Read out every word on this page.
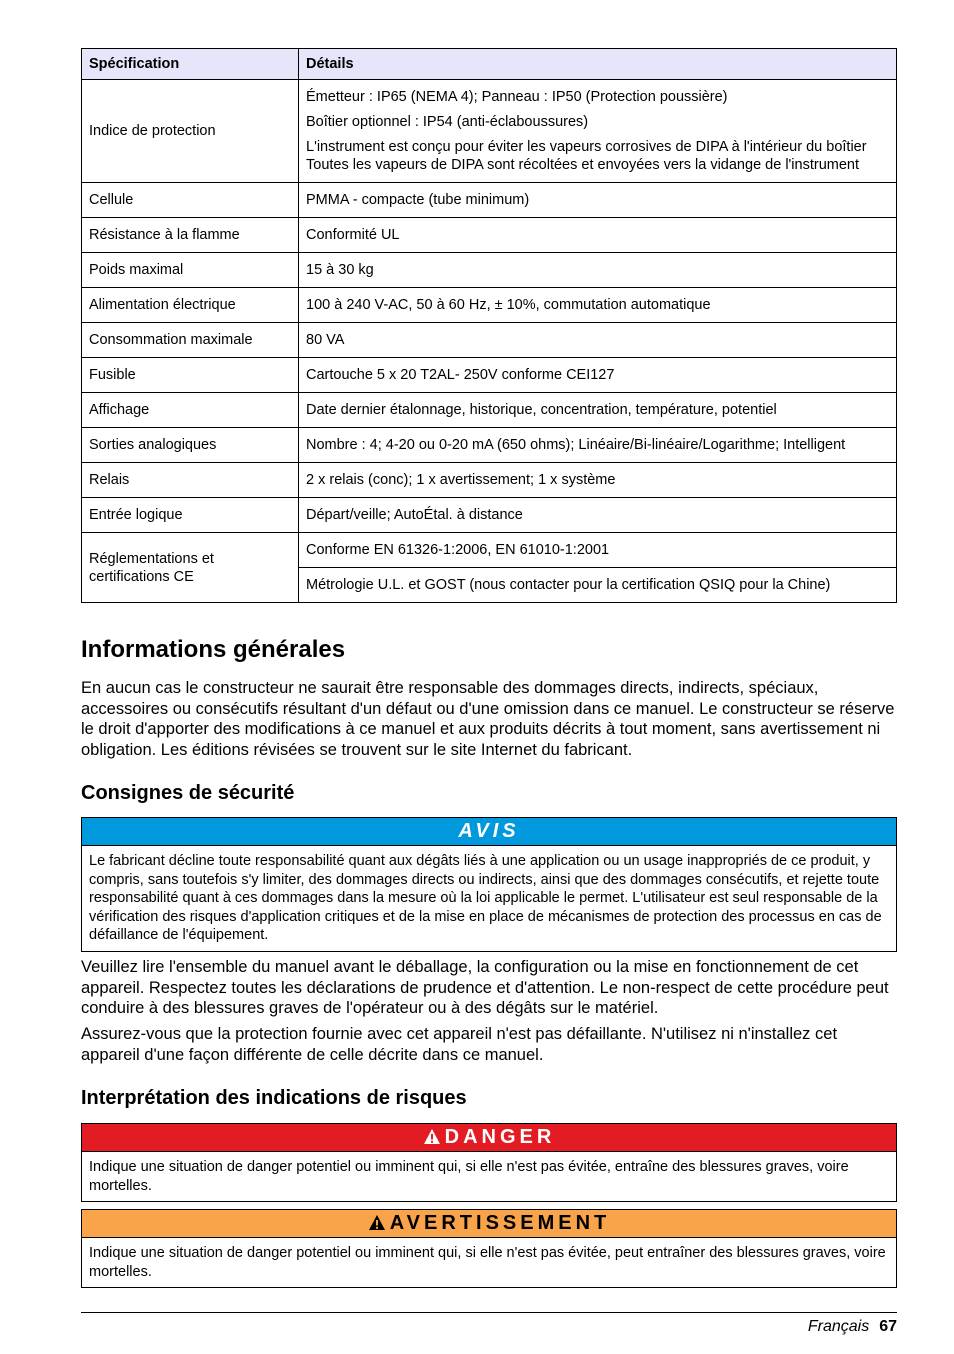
Spécification	Détails
Indice de protection	Émetteur : IP65 (NEMA 4); Panneau : IP50 (Protection poussière)

Boîtier optionnel : IP54 (anti-éclaboussures)

L'instrument est conçu pour éviter les vapeurs corrosives de DIPA à l'intérieur du boîtier Toutes les vapeurs de DIPA sont récoltées et envoyées vers la vidange de l'instrument

Cellule	PMMA - compacte (tube minimum)

Résistance à la flamme	Conformité UL

Poids maximal	15 à 30 kg

Alimentation électrique	100 à 240 V-AC, 50 à 60 Hz, ± 10%, commutation automatique

Consommation maximale	80 VA

Fusible	Cartouche 5 x 20 T2AL- 250V conforme CEI127

Affichage	Date dernier étalonnage, historique, concentration, température, potentiel

Sorties analogiques	Nombre : 4; 4-20 ou 0-20 mA (650 ohms); Linéaire/Bi-linéaire/Logarithme; Intelligent

Relais	2 x relais (conc); 1 x avertissement; 1 x système

Entrée logique	Départ/veille; AutoÉtal. à distance

Réglementations et certifications CE	Conforme EN 61326-1:2006, EN 61010-1:2001
	Métrologie U.L. et GOST (nous contacter pour la certification QSIQ pour la Chine)
Informations générales

En aucun cas le constructeur ne saurait être responsable des dommages directs, indirects, spéciaux, accessoires ou consécutifs résultant d'un défaut ou d'une omission dans ce manuel. Le constructeur se réserve le droit d'apporter des modifications à ce manuel et aux produits décrits à tout moment, sans avertissement ni obligation. Les éditions révisées se trouvent sur le site Internet du fabricant.

Consignes de sécurité
AVIS
Le fabricant décline toute responsabilité quant aux dégâts liés à une application ou un usage inappropriés de ce produit, y compris, sans toutefois s'y limiter, des dommages directs ou indirects, ainsi que des dommages consécutifs, et rejette toute responsabilité quant à ces dommages dans la mesure où la loi applicable le permet. L'utilisateur est seul responsable de la vérification des risques d'application critiques et de la mise en place de mécanismes de protection des processus en cas de défaillance de l'équipement.

Veuillez lire l'ensemble du manuel avant le déballage, la configuration ou la mise en fonctionnement de cet appareil. Respectez toutes les déclarations de prudence et d'attention. Le non-respect de cette procédure peut conduire à des blessures graves de l'opérateur ou à des dégâts sur le matériel.

Assurez-vous que la protection fournie avec cet appareil n'est pas défaillante. N'utilisez ni n'installez cet appareil d'une façon différente de celle décrite dans ce manuel.

Interprétation des indications de risques
DANGER
Indique une situation de danger potentiel ou imminent qui, si elle n'est pas évitée, entraîne des blessures graves, voire mortelles.
AVERTISSEMENT
Indique une situation de danger potentiel ou imminent qui, si elle n'est pas évitée, peut entraîner des blessures graves, voire mortelles.
Français 67
